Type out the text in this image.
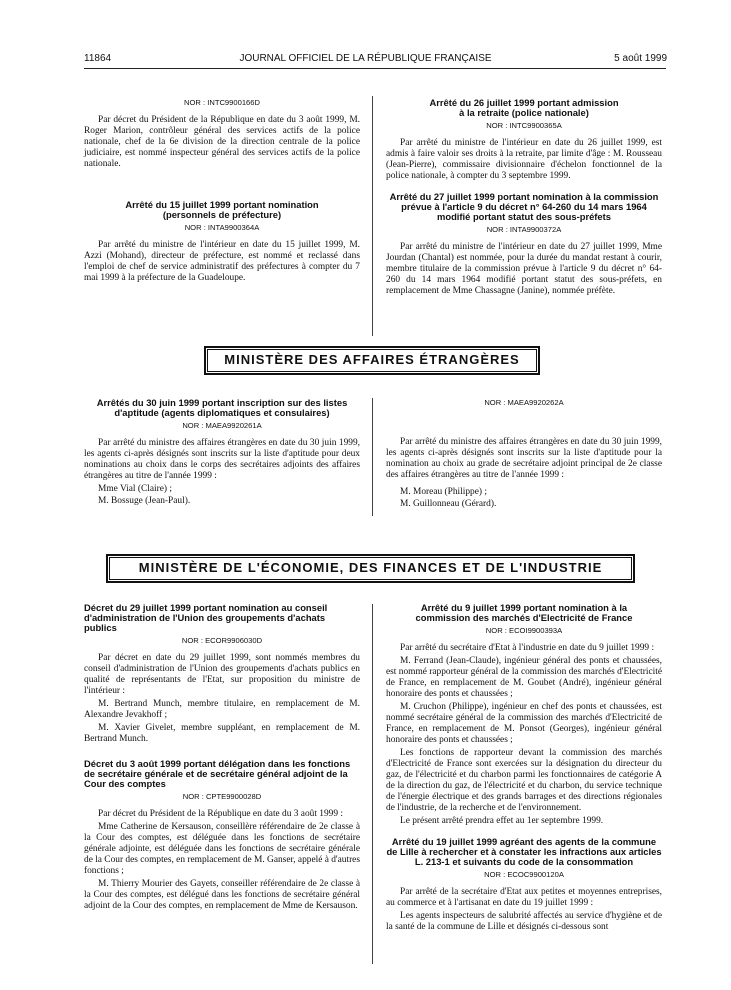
11864	JOURNAL OFFICIEL DE LA RÉPUBLIQUE FRANÇAISE	5 août 1999
NOR : INTC9900166D

Par décret du Président de la République en date du 3 août 1999, M. Roger Marion, contrôleur général des services actifs de la police nationale, chef de la 6e division de la direction centrale de la police judiciaire, est nommé inspecteur général des services actifs de la police nationale.

Arrêté du 15 juillet 1999 portant nomination (personnels de préfecture)
NOR : INTA9900364A

Par arrêté du ministre de l'intérieur en date du 15 juillet 1999, M. Azzi (Mohand), directeur de préfecture, est nommé et reclassé dans l'emploi de chef de service administratif des préfectures à compter du 7 mai 1999 à la préfecture de la Guadeloupe.

Arrêté du 26 juillet 1999 portant admission à la retraite (police nationale)
NOR : INTC9900365A

Par arrêté du ministre de l'intérieur en date du 26 juillet 1999, est admis à faire valoir ses droits à la retraite, par limite d'âge : M. Rousseau (Jean-Pierre), commissaire divisionnaire d'échelon fonctionnel de la police nationale, à compter du 3 septembre 1999.

Arrêté du 27 juillet 1999 portant nomination à la commission prévue à l'article 9 du décret n° 64-260 du 14 mars 1964 modifié portant statut des sous-préfets
NOR : INTA9900372A

Par arrêté du ministre de l'intérieur en date du 27 juillet 1999, Mme Jourdan (Chantal) est nommée, pour la durée du mandat restant à courir, membre titulaire de la commission prévue à l'article 9 du décret n° 64-260 du 14 mars 1964 modifié portant statut des sous-préfets, en remplacement de Mme Chassagne (Janine), nommée préfète.

MINISTÈRE DES AFFAIRES ÉTRANGÈRES
Arrêtés du 30 juin 1999 portant inscription sur des listes d'aptitude (agents diplomatiques et consulaires)
NOR : MAEA9920261A

Par arrêté du ministre des affaires étrangères en date du 30 juin 1999, les agents ci-après désignés sont inscrits sur la liste d'aptitude pour deux nominations au choix dans le corps des secrétaires adjoints des affaires étrangères au titre de l'année 1999 :

Mme Vial (Claire) ;
M. Bossuge (Jean-Paul).
NOR : MAEA9920262A

Par arrêté du ministre des affaires étrangères en date du 30 juin 1999, les agents ci-après désignés sont inscrits sur la liste d'aptitude pour la nomination au choix au grade de secrétaire adjoint principal de 2e classe des affaires étrangères au titre de l'année 1999 :

M. Moreau (Philippe) ;
M. Guillonneau (Gérard).
MINISTÈRE DE L'ÉCONOMIE, DES FINANCES ET DE L'INDUSTRIE
Décret du 29 juillet 1999 portant nomination au conseil d'administration de l'Union des groupements d'achats publics
NOR : ECOR9906030D

Par décret en date du 29 juillet 1999, sont nommés membres du conseil d'administration de l'Union des groupements d'achats publics en qualité de représentants de l'Etat, sur proposition du ministre de l'intérieur :

M. Bertrand Munch, membre titulaire, en remplacement de M. Alexandre Jevakhoff ;

M. Xavier Givelet, membre suppléant, en remplacement de M. Bertrand Munch.

Décret du 3 août 1999 portant délégation dans les fonctions de secrétaire générale et de secrétaire général adjoint de la Cour des comptes
NOR : CPTE9900028D

Par décret du Président de la République en date du 3 août 1999 :

Mme Catherine de Kersauson, conseillère référendaire de 2e classe à la Cour des comptes, est déléguée dans les fonctions de secrétaire générale adjointe, est déléguée dans les fonctions de secrétaire générale de la Cour des comptes, en remplacement de M. Ganser, appelé à d'autres fonctions ;

M. Thierry Mourier des Gayets, conseiller référendaire de 2e classe à la Cour des comptes, est délégué dans les fonctions de secrétaire général adjoint de la Cour des comptes, en remplacement de Mme de Kersauson.

Arrêté du 9 juillet 1999 portant nomination à la commission des marchés d'Electricité de France
NOR : ECOI9900393A

Par arrêté du secrétaire d'Etat à l'industrie en date du 9 juillet 1999 :

M. Ferrand (Jean-Claude), ingénieur général des ponts et chaussées, est nommé rapporteur général de la commission des marchés d'Electricité de France, en remplacement de M. Goubet (André), ingénieur général honoraire des ponts et chaussées ;

M. Cruchon (Philippe), ingénieur en chef des ponts et chaussées, est nommé secrétaire général de la commission des marchés d'Electricité de France, en remplacement de M. Ponsot (Georges), ingénieur général honoraire des ponts et chaussées ;

Les fonctions de rapporteur devant la commission des marchés d'Electricité de France sont exercées sur la désignation du directeur du gaz, de l'électricité et du charbon parmi les fonctionnaires de catégorie A de la direction du gaz, de l'électricité et du charbon, du service technique de l'énergie électrique et des grands barrages et des directions régionales de l'industrie, de la recherche et de l'environnement.

Le présent arrêté prendra effet au 1er septembre 1999.

Arrêté du 19 juillet 1999 agréant des agents de la commune de Lille à rechercher et à constater les infractions aux articles L. 213-1 et suivants du code de la consommation
NOR : ECOC9900120A

Par arrêté de la secrétaire d'Etat aux petites et moyennes entreprises, au commerce et à l'artisanat en date du 19 juillet 1999 :

Les agents inspecteurs de salubrité affectés au service d'hygiène et de la santé de la commune de Lille et désignés ci-dessous sont
